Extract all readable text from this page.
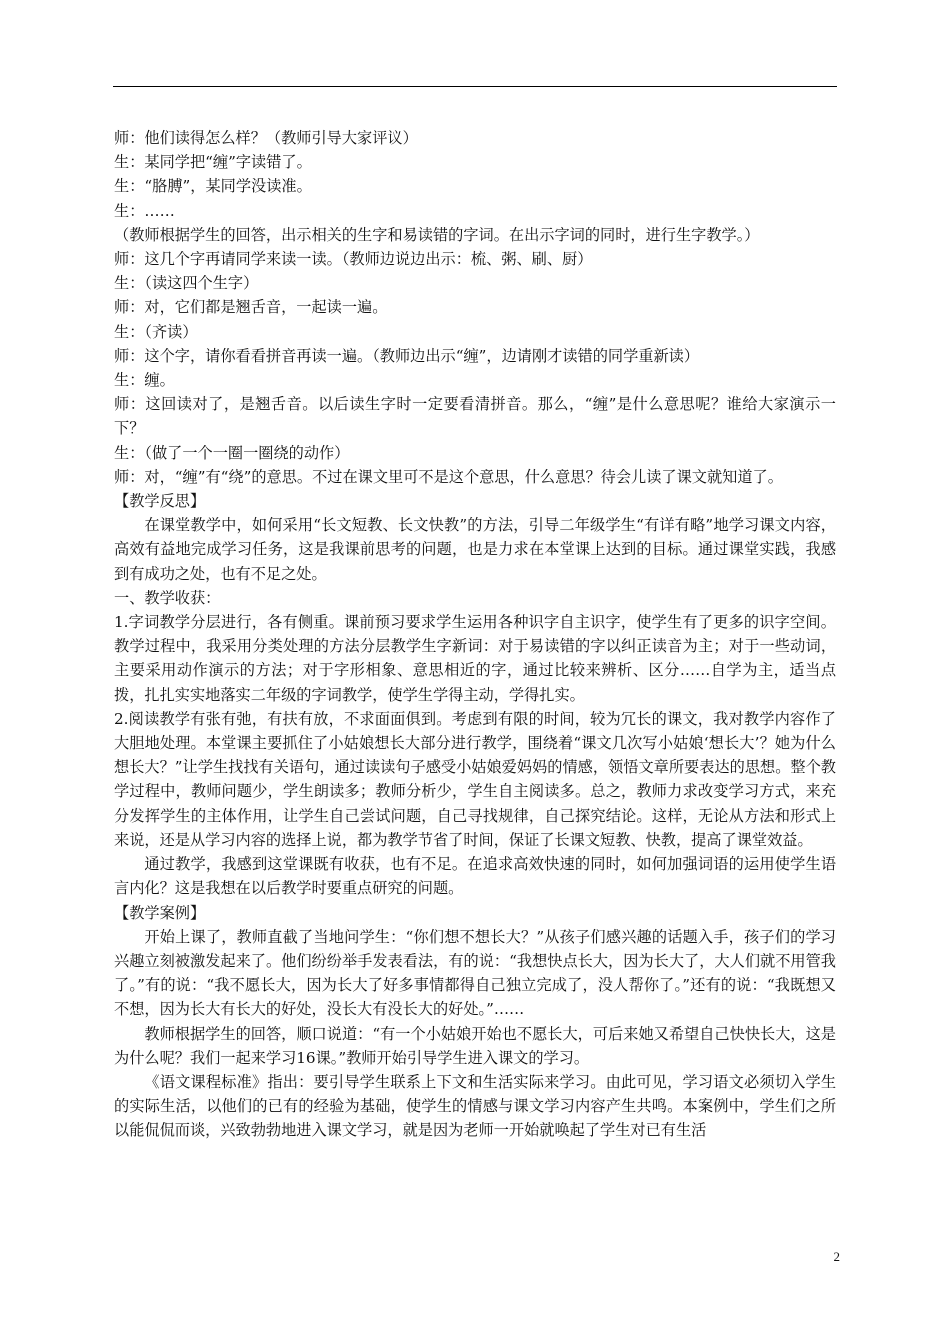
师：他们读得怎么样？（教师引导大家评议）

生：某同学把“缠”字读错了。

生：“胳膊”，某同学没读准。

生：……

（教师根据学生的回答，出示相关的生字和易读错的字词。在出示字词的同时，进行生字教学。）

师：这几个字再请同学来读一读。（教师边说边出示：梳、粥、刷、厨）

生：（读这四个生字）

师：对，它们都是翘舌音，一起读一遍。

生：（齐读）

师：这个字，请你看看拼音再读一遍。（教师边出示“缠”，边请刚才读错的同学重新读）

生：缠。

师：这回读对了，是翘舌音。以后读生字时一定要看清拼音。那么，“缠”是什么意思呢？谁给大家演示一下？

生：（做了一个一圈一圈绕的动作）

师：对，“缠”有“绕”的意思。不过在课文里可不是这个意思，什么意思？待会儿读了课文就知道了。

【教学反思】

在课堂教学中，如何采用“长文短教、长文快教”的方法，引导二年级学生“有详有略”地学习课文内容，高效有益地完成学习任务，这是我课前思考的问题，也是力求在本堂课上达到的目标。通过课堂实践，我感到有成功之处，也有不足之处。

一、教学收获：

1.字词教学分层进行，各有侧重。课前预习要求学生运用各种识字自主识字，使学生有了更多的识字空间。教学过程中，我采用分类处理的方法分层教学生字新词：对于易读错的字以纠正读音为主；对于一些动词，主要采用动作演示的方法；对于字形相象、意思相近的字，通过比较来辨析、区分……自学为主，适当点拨，扎扎实实地落实二年级的字词教学，使学生学得主动，学得扎实。

2.阅读教学有张有弛，有扶有放，不求面面俱到。考虑到有限的时间，较为冗长的课文，我对教学内容作了大胆地处理。本堂课主要抓住了小姑娘想长大部分进行教学，围绕着“课文几次写小姑娘‘想长大’？她为什么想长大？”让学生找找有关语句，通过读读句子感受小姑娘爱妈妈的情感，领悟文章所要表达的思想。整个教学过程中，教师问题少，学生朗读多；教师分析少，学生自主阅读多。总之，教师力求改变学习方式，来充分发挥学生的主体作用，让学生自己尝试问题，自己寻找规律，自己探究结论。这样，无论从方法和形式上来说，还是从学习内容的选择上说，都为教学节省了时间，保证了长课文短教、快教，提高了课堂效益。

通过教学，我感到这堂课既有收获，也有不足。在追求高效快速的同时，如何加强词语的运用使学生语言内化？这是我想在以后教学时要重点研究的问题。

【教学案例】

开始上课了，教师直截了当地问学生：“你们想不想长大？”从孩子们感兴趣的话题入手，孩子们的学习兴趣立刻被激发起来了。他们纷纷举手发表看法，有的说：“我想快点长大，因为长大了，大人们就不用管我了。”有的说：“我不愿长大，因为长大了好多事情都得自己独立完成了，没人帮你了。”还有的说：“我既想又不想，因为长大有长大的好处，没长大有没长大的好处。”……

教师根据学生的回答，顺口说道：“有一个小姑娘开始也不愿长大，可后来她又希望自己快快长大，这是为什么呢？我们一起来学习16课。”教师开始引导学生进入课文的学习。

《语文课程标准》指出：要引导学生联系上下文和生活实际来学习。由此可见，学习语文必须切入学生的实际生活，以他们的已有的经验为基础，使学生的情感与课文学习内容产生共鸣。本案例中，学生们之所以能侃侃而谈，兴致勃勃地进入课文学习，就是因为老师一开始就唤起了学生对已有生活

2
